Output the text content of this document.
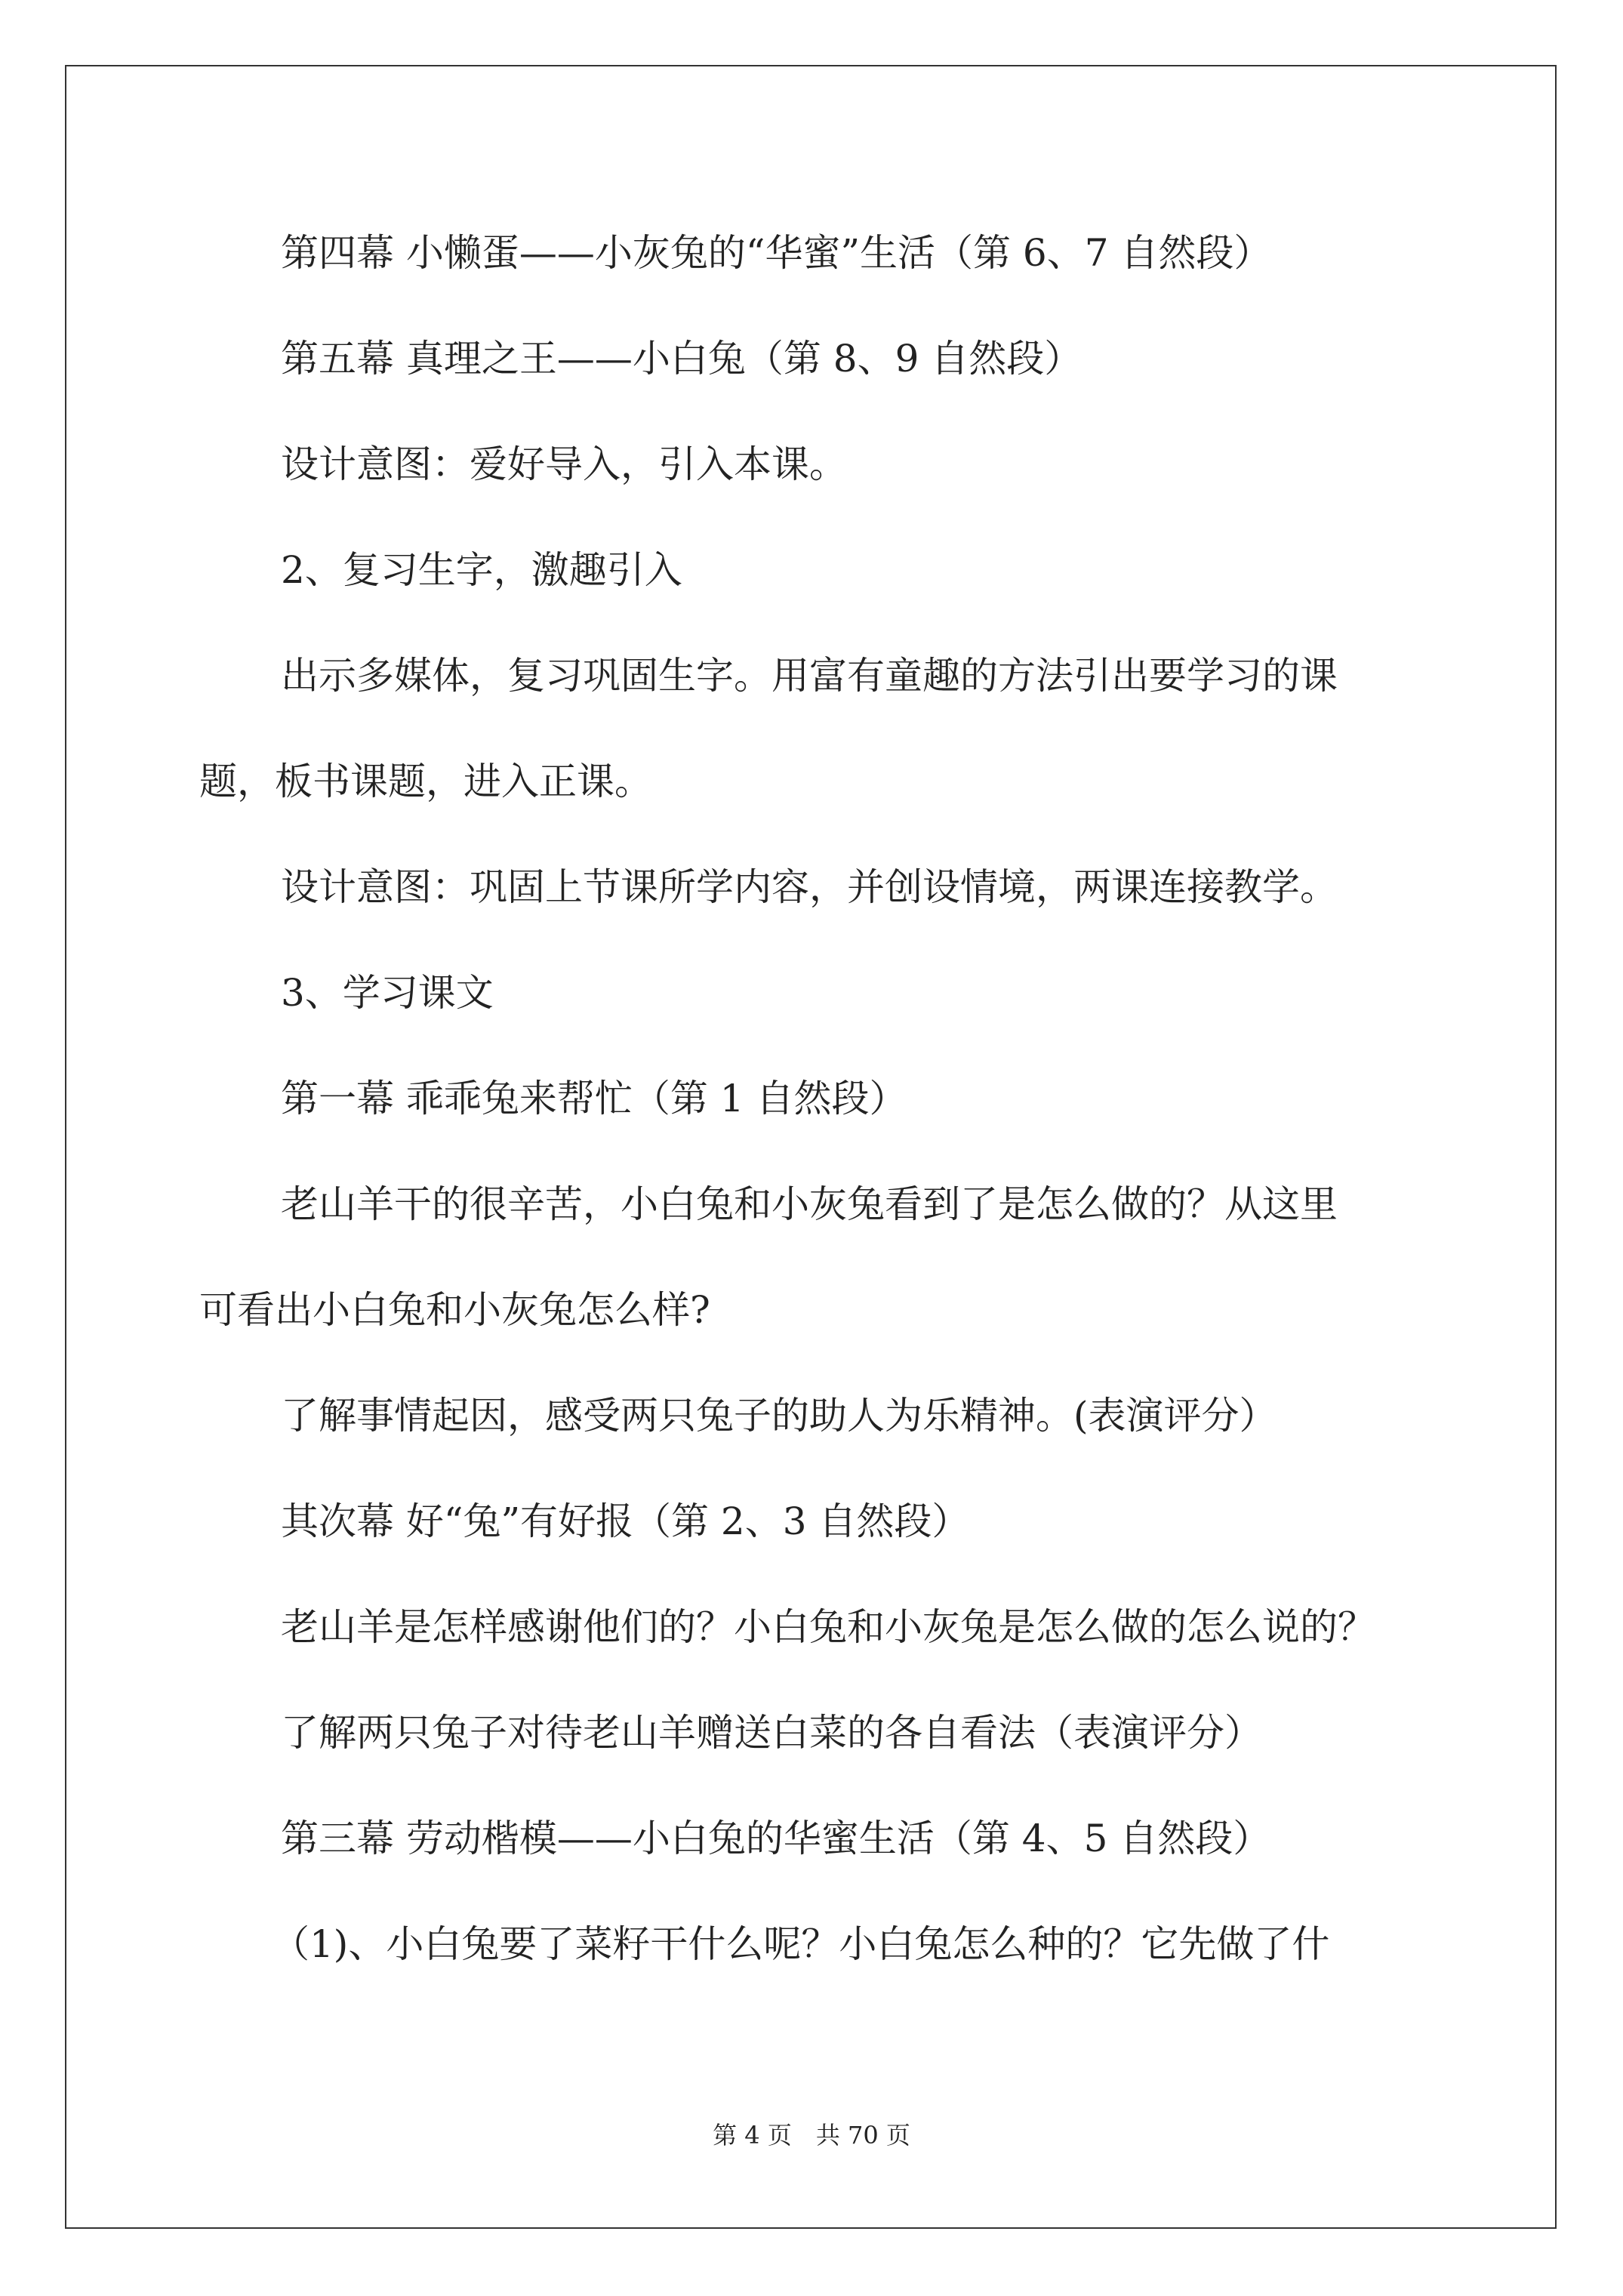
第四幕 小懒蛋——小灰兔的“华蜜”生活（第 6、7 自然段）
第五幕 真理之王——小白兔（第 8、9 自然段）
设计意图：爱好导入，引入本课。
2、复习生字，激趣引入
出示多媒体，复习巩固生字。用富有童趣的方法引出要学习的课
题，板书课题，进入正课。
设计意图：巩固上节课所学内容，并创设情境，两课连接教学。
3、学习课文
第一幕 乖乖兔来帮忙（第 1 自然段）
老山羊干的很辛苦，小白兔和小灰兔看到了是怎么做的？从这里
可看出小白兔和小灰兔怎么样?
了解事情起因，感受两只兔子的助人为乐精神。(表演评分）
其次幕 好“兔”有好报（第 2、3 自然段）
老山羊是怎样感谢他们的？小白兔和小灰兔是怎么做的怎么说的？
了解两只兔子对待老山羊赠送白菜的各自看法（表演评分）
第三幕 劳动楷模——小白兔的华蜜生活（第 4、5 自然段）
（1)、小白兔要了菜籽干什么呢？小白兔怎么种的？它先做了什
第 4 页　共 70 页
